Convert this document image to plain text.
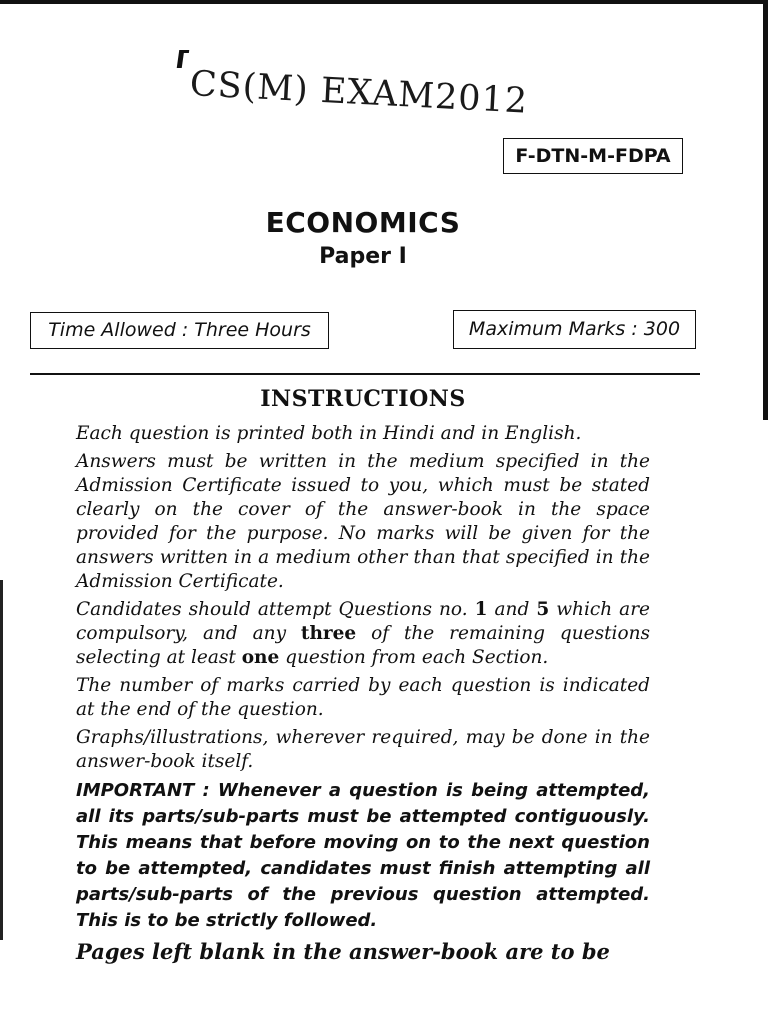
CS(M) EXAM2012
F-DTN-M-FDPA
ECONOMICS
Paper I
Time Allowed : Three Hours	Maximum Marks : 300
INSTRUCTIONS

Each question is printed both in Hindi and in English.

Answers must be written in the medium specified in the Admission Certificate issued to you, which must be stated clearly on the cover of the answer-book in the space provided for the purpose. No marks will be given for the answers written in a medium other than that specified in the Admission Certificate.

Candidates should attempt Questions no. 1 and 5 which are compulsory, and any three of the remaining questions selecting at least one question from each Section.

The number of marks carried by each question is indicated at the end of the question.

Graphs/illustrations, wherever required, may be done in the answer-book itself.

IMPORTANT : Whenever a question is being attempted, all its parts/sub-parts must be attempted contiguously. This means that before moving on to the next question to be attempted, candidates must finish attempting all parts/sub-parts of the previous question attempted. This is to be strictly followed.

Pages left blank in the answer-book are to be
